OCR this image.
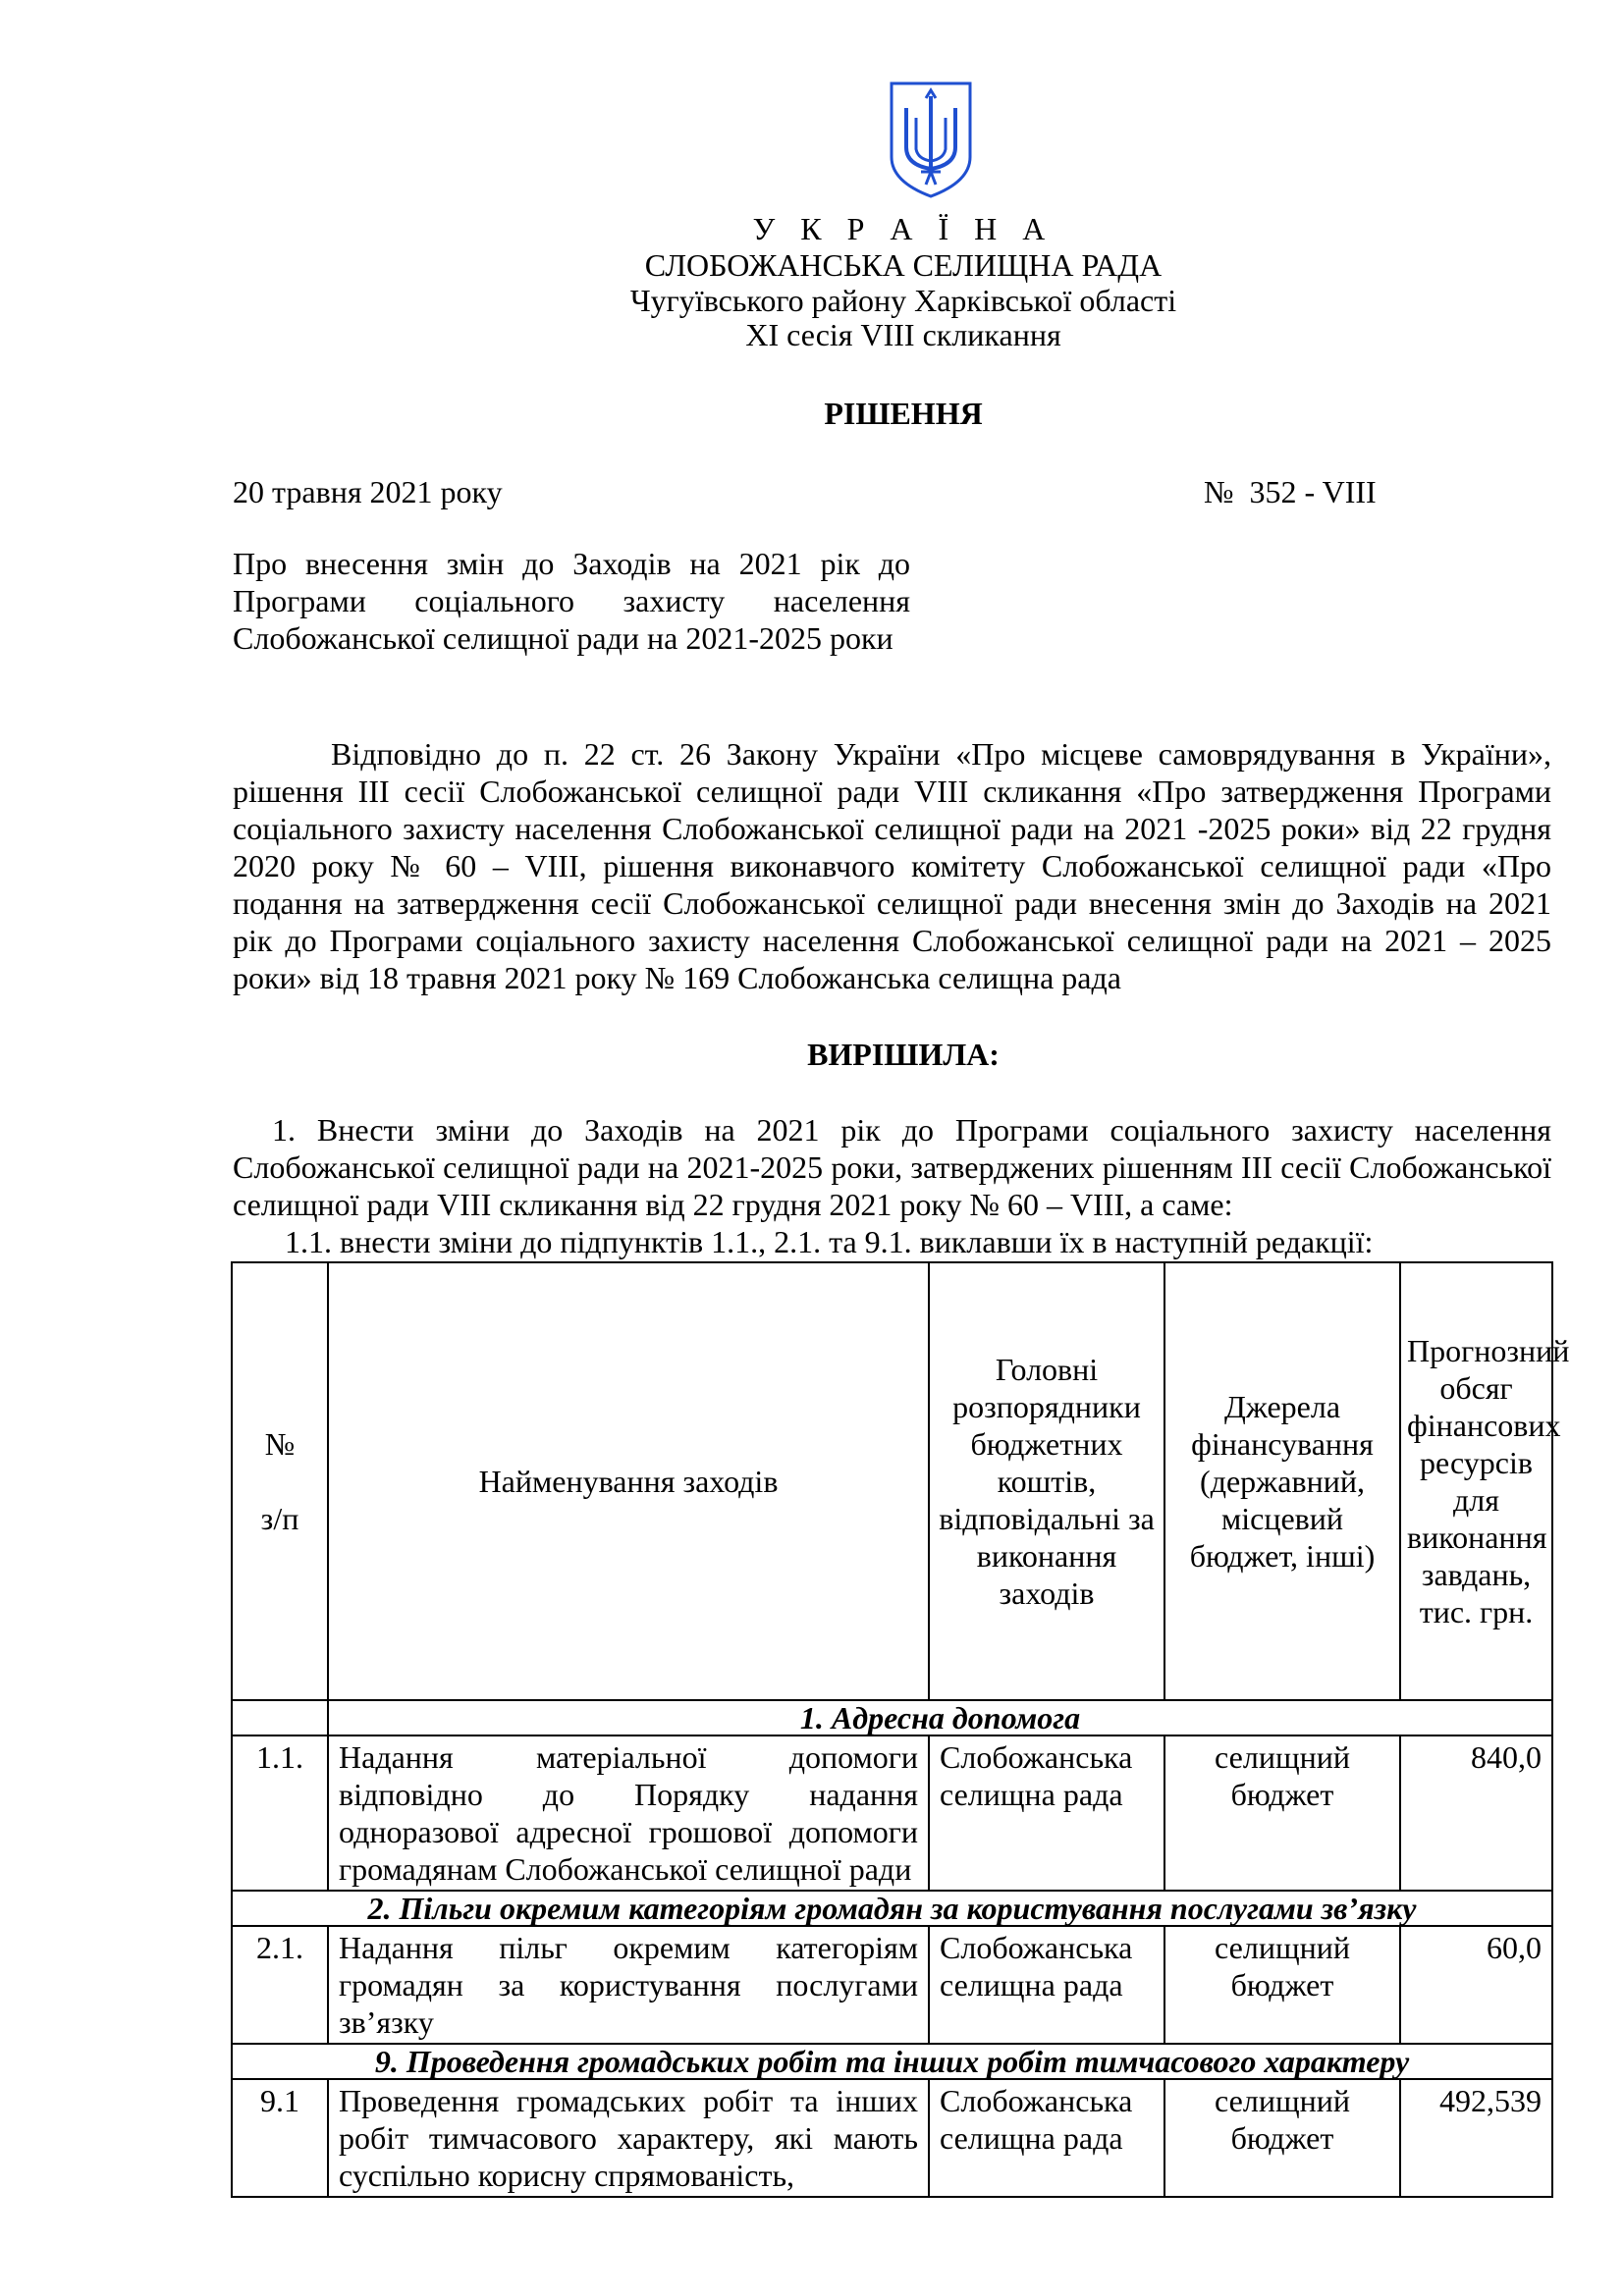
У К Р А Ї Н А
СЛОБОЖАНСЬКА СЕЛИЩНА РАДА
Чугуївського району Харківської області
XI сесія VIII скликання
РІШЕННЯ
20 травня 2021 року	№  352 - VIII
Про внесення змін до Заходів на 2021 рік до Програми соціального захисту населення Слобожанської селищної ради на 2021-2025 роки
Відповідно до п. 22 ст. 26 Закону України «Про місцеве самоврядування в України», рішення ІІІ сесії Слобожанської селищної ради VІІІ скликання «Про затвердження Програми соціального захисту населення Слобожанської селищної ради на 2021 -2025 роки» від 22 грудня 2020 року № 60 – VIII, рішення виконавчого комітету Слобожанської селищної ради «Про подання на затвердження сесії Слобожанської селищної ради внесення змін до Заходів на 2021 рік до Програми соціального захисту населення Слобожанської селищної ради на 2021 – 2025 роки» від 18 травня 2021 року № 169 Слобожанська селищна рада
ВИРІШИЛА:
1. Внести зміни до Заходів на 2021 рік до Програми соціального захисту населення Слобожанської селищної ради на 2021-2025 роки, затверджених рішенням ІІІ сесії Слобожанської селищної ради VІІІ скликання від 22 грудня 2021 року № 60 – VIII, а саме:
1.1. внести зміни до підпунктів 1.1., 2.1. та 9.1. виклавши їх в наступній редакції:
№

з/п	Найменування заходів	Головні розпорядники бюджетних коштів, відповідальні за виконання заходів	Джерела фінансування (державний, місцевий бюджет, інші)	Прогнозний обсяг фінансових ресурсів для виконання завдань, тис. грн.
	1. Адресна допомога			
1.1.	Надання матеріальної допомоги відповідно до Порядку надання одноразової адресної грошової допомоги громадянам Слобожанської селищної ради	Слобожанська селищна рада	селищний бюджет	840,0
2. Пільги окремим категоріям громадян за користування послугами зв’язку				
2.1.	Надання пільг окремим категоріям громадян за користування послугами зв’язку	Слобожанська селищна рада	селищний бюджет	60,0
9. Проведення громадських робіт та інших робіт тимчасового характеру				
9.1	Проведення громадських робіт та інших робіт тимчасового характеру, які мають суспільно корисну спрямованість,	Слобожанська селищна рада	селищний бюджет	492,539
